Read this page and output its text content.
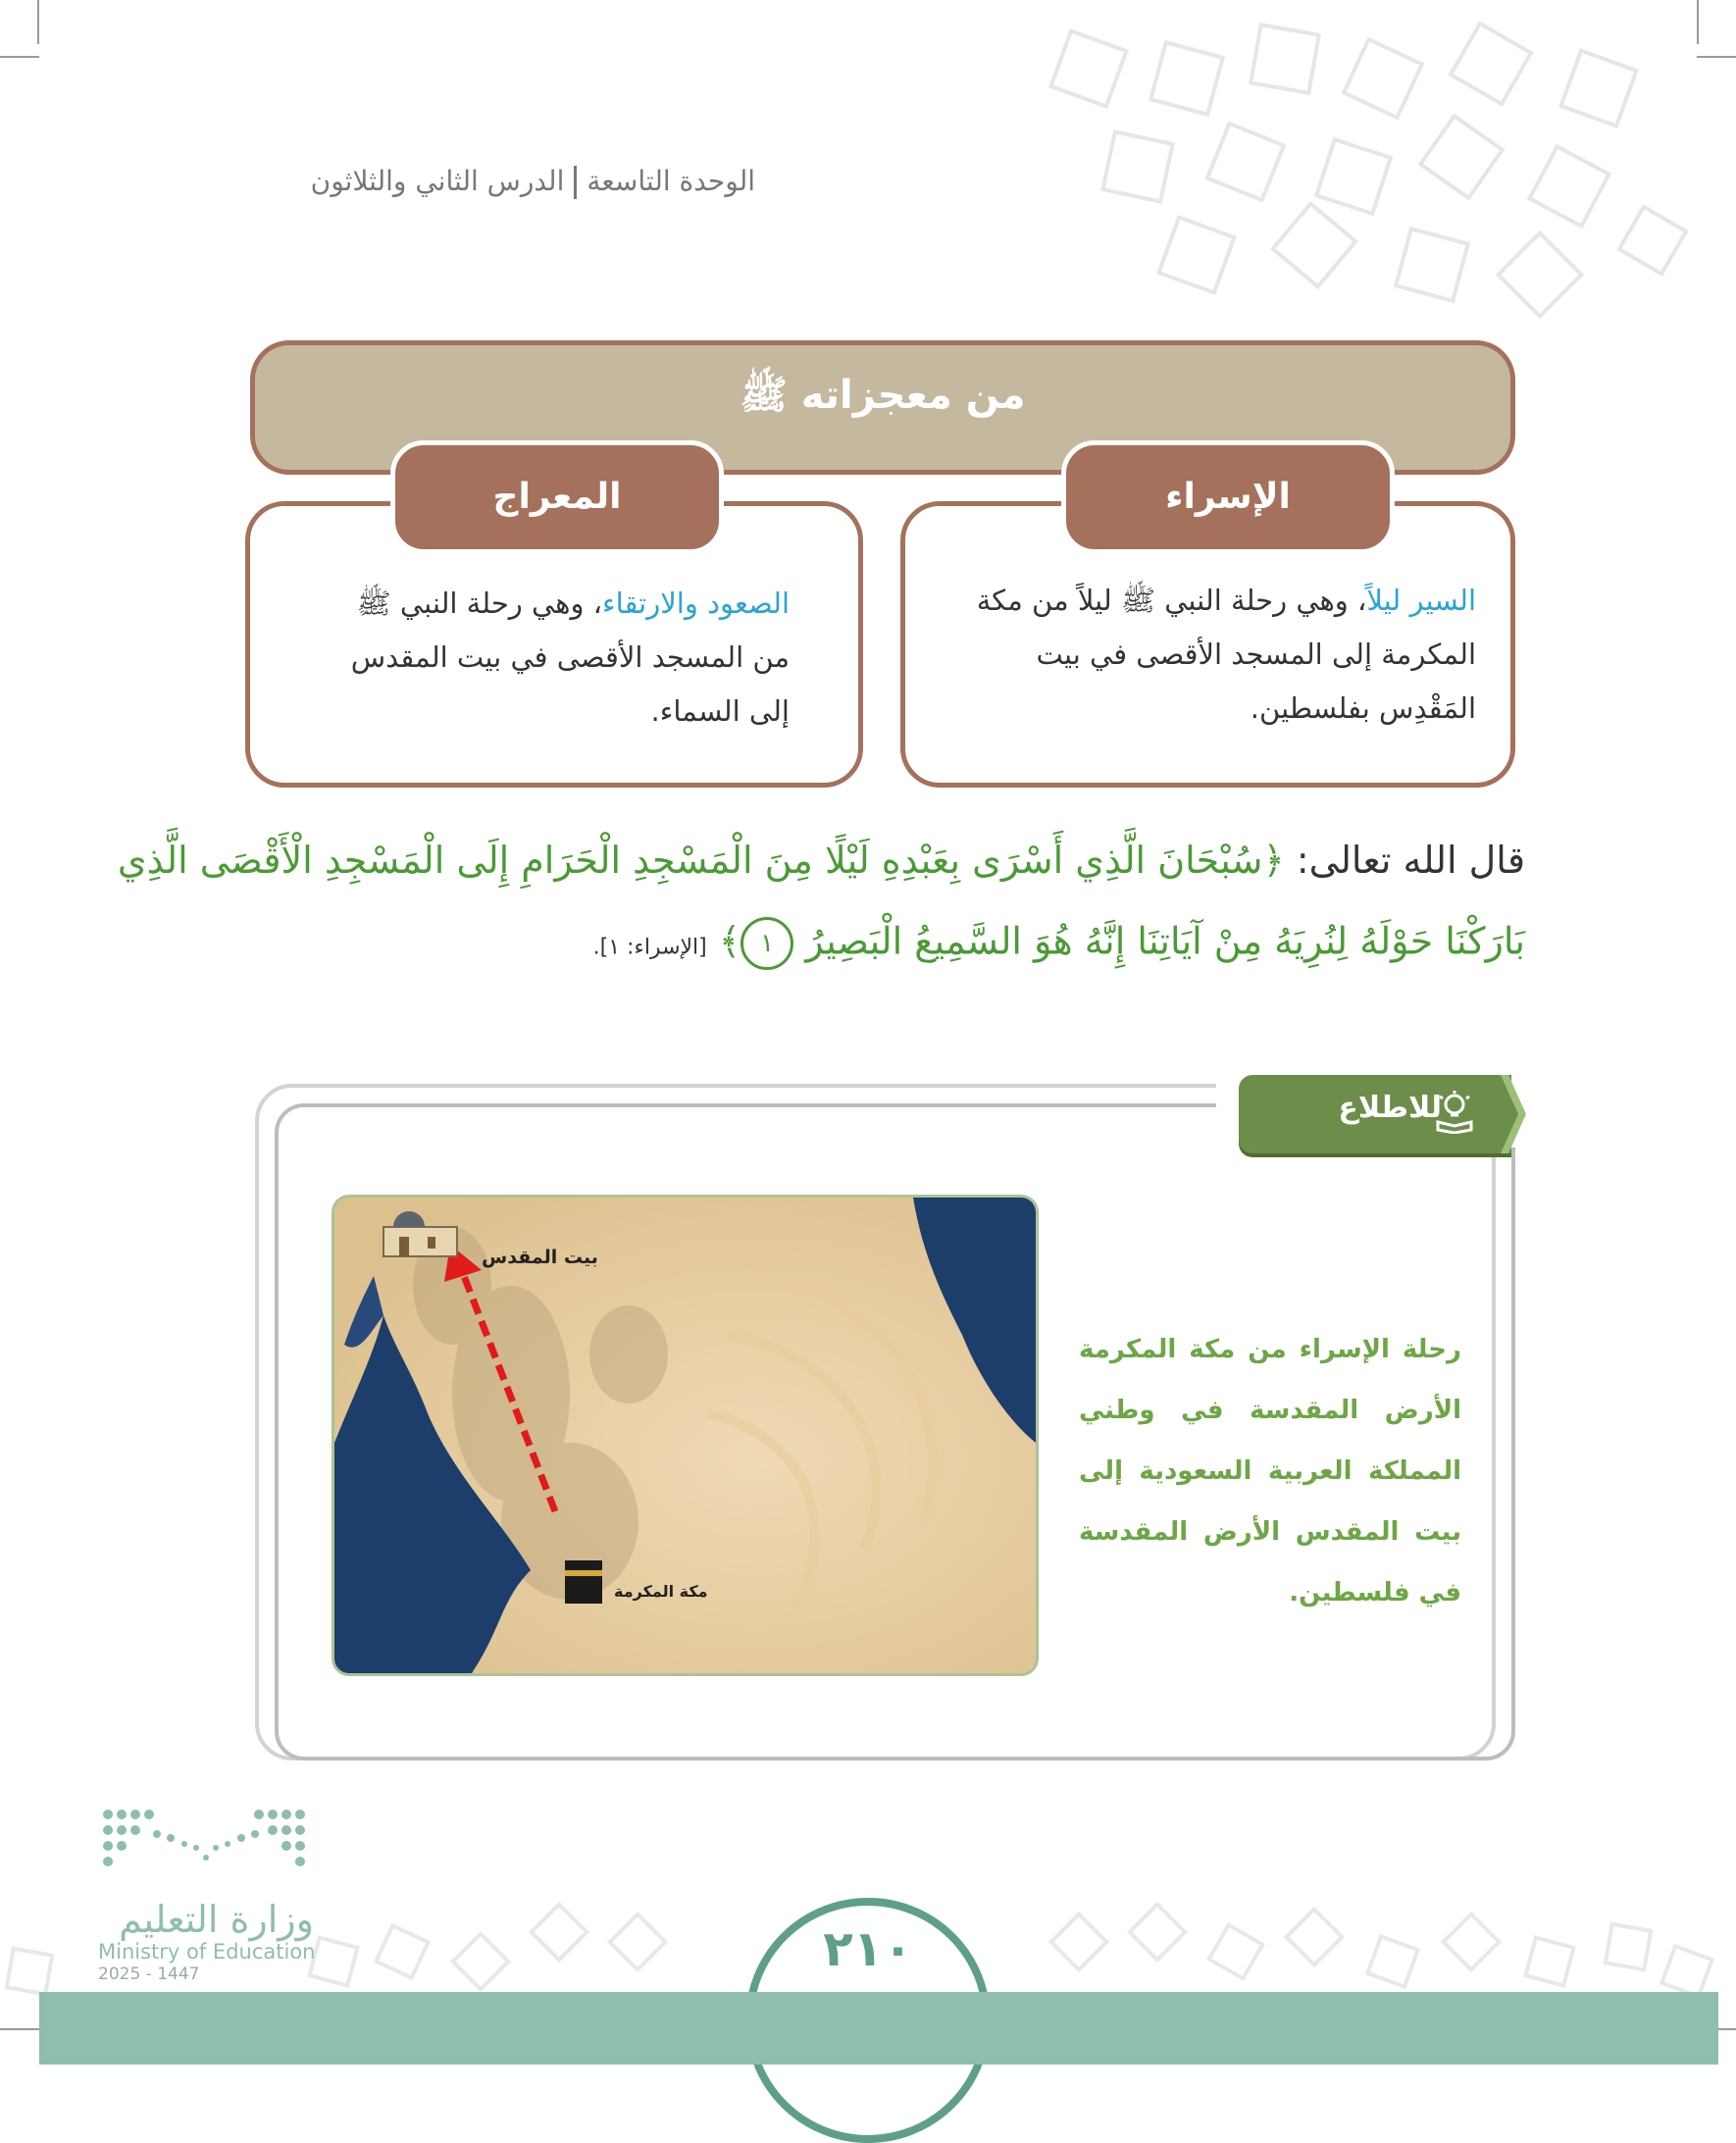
الوحدة التاسعةالدرس الثاني والثلاثون
من معجزاته ﷺ
الإسراء
المعراج
السير ليلاً، وهي رحلة النبي ﷺ ليلاً من مكة المكرمة إلى المسجد الأقصى في بيت المَقْدِس بفلسطين.
الصعود والارتقاء، وهي رحلة النبي ﷺ من المسجد الأقصى في بيت المقدس إلى السماء.
قال الله تعالى: ﴿سُبْحَانَ الَّذِي أَسْرَى بِعَبْدِهِ لَيْلًا مِنَ الْمَسْجِدِ الْحَرَامِ إِلَى الْمَسْجِدِ الْأَقْصَى الَّذِي
بَارَكْنَا حَوْلَهُ لِنُرِيَهُ مِنْ آيَاتِنَا إِنَّهُ هُوَ السَّمِيعُ الْبَصِيرُ ١﴾ [الإسراء: ١].
للاطلاع
بيت المقدس
مكة المكرمة
رحلة الإسراء من مكة المكرمة الأرض المقدسة في وطني المملكة العربية السعودية إلى بيت المقدس الأرض المقدسة في فلسطين.
٢١٠
وزارة التعليم
Ministry of Education
2025 - 1447
